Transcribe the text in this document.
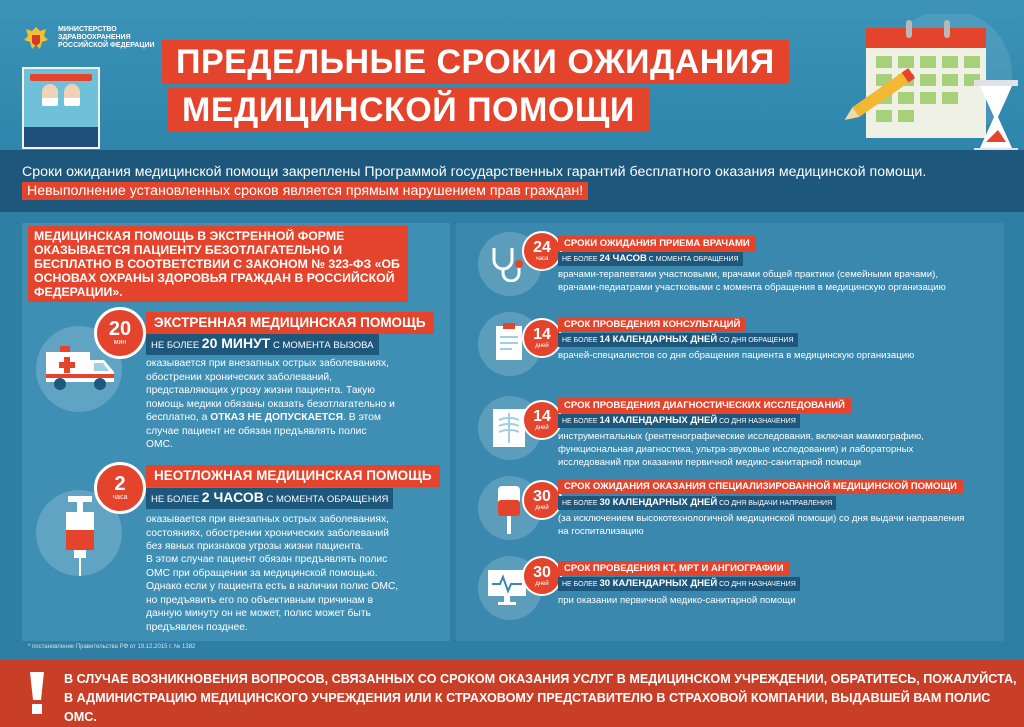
МИНИСТЕРСТВО
ЗДРАВООХРАНЕНИЯ
РОССИЙСКОЙ ФЕДЕРАЦИИ
ПРЕДЕЛЬНЫЕ СРОКИ ОЖИДАНИЯ
МЕДИЦИНСКОЙ ПОМОЩИ
Сроки ожидания медицинской помощи закреплены Программой государственных гарантий бесплатного оказания медицинской помощи.
Невыполнение установленных сроков является прямым нарушением прав граждан!
МЕДИЦИНСКАЯ ПОМОЩЬ В ЭКСТРЕННОЙ ФОРМЕ ОКАЗЫВАЕТСЯ ПАЦИЕНТУ БЕЗОТЛАГАТЕЛЬНО И БЕСПЛАТНО В СООТВЕТСТВИИ С ЗАКОНОМ № 323-ФЗ «ОБ ОСНОВАХ ОХРАНЫ ЗДОРОВЬЯ ГРАЖДАН В РОССИЙСКОЙ ФЕДЕРАЦИИ».
20
мин
ЭКСТРЕННАЯ МЕДИЦИНСКАЯ ПОМОЩЬ
НЕ БОЛЕЕ 20 МИНУТ С МОМЕНТА ВЫЗОВА
оказывается при внезапных острых заболеваниях, обострении хронических заболеваний, представляющих угрозу жизни пациента. Такую помощь медики обязаны оказать безотлагательно и бесплатно, а ОТКАЗ НЕ ДОПУСКАЕТСЯ. В этом случае пациент не обязан предъявлять полис ОМС.
2
часа
НЕОТЛОЖНАЯ МЕДИЦИНСКАЯ ПОМОЩЬ
НЕ БОЛЕЕ 2 ЧАСОВ С МОМЕНТА ОБРАЩЕНИЯ
оказывается при внезапных острых заболеваниях, состояниях, обострении хронических заболеваний без явных признаков угрозы жизни пациента.
В этом случае пациент обязан предъявлять полис ОМС при обращении за медицинской помощью. Однако если у пациента есть в наличии полис ОМС, но предъявить его по объективным причинам в данную минуту он не может, полис может быть предъявлен позднее.
24
часа
СРОКИ ОЖИДАНИЯ ПРИЕМА ВРАЧАМИ
НЕ БОЛЕЕ 24 ЧАСОВ С МОМЕНТА ОБРАЩЕНИЯ
врачами-терапевтами участковыми, врачами общей практики (семейными врачами), врачами-педиатрами участковыми с момента обращения в медицинскую организацию
14
дней
СРОК ПРОВЕДЕНИЯ КОНСУЛЬТАЦИЙ
НЕ БОЛЕЕ 14 КАЛЕНДАРНЫХ ДНЕЙ СО ДНЯ ОБРАЩЕНИЯ
врачей-специалистов со дня обращения пациента в медицинскую организацию
14
дней
СРОК ПРОВЕДЕНИЯ ДИАГНОСТИЧЕСКИХ ИССЛЕДОВАНИЙ
НЕ БОЛЕЕ 14 КАЛЕНДАРНЫХ ДНЕЙ СО ДНЯ НАЗНАЧЕНИЯ
инструментальных (рентгенографические исследования, включая маммографию, функциональная диагностика, ультра-звуковые исследования) и лабораторных исследований при оказании первичной медико-санитарной помощи
30
дней
СРОК ОЖИДАНИЯ ОКАЗАНИЯ СПЕЦИАЛИЗИРОВАННОЙ МЕДИЦИНСКОЙ ПОМОЩИ
НЕ БОЛЕЕ 30 КАЛЕНДАРНЫХ ДНЕЙ СО ДНЯ ВЫДАЧИ НАПРАВЛЕНИЯ
(за исключением высокотехнологичной медицинской помощи) со дня выдачи направления на госпитализацию
30
дней
СРОК ПРОВЕДЕНИЯ КТ, МРТ И АНГИОГРАФИИ
НЕ БОЛЕЕ 30 КАЛЕНДАРНЫХ ДНЕЙ СО ДНЯ НАЗНАЧЕНИЯ
при оказании первичной медико-санитарной помощи
* постановление Правительства РФ от 19.12.2015 г. № 1382
В СЛУЧАЕ ВОЗНИКНОВЕНИЯ ВОПРОСОВ, СВЯЗАННЫХ СО СРОКОМ ОКАЗАНИЯ УСЛУГ В МЕДИЦИНСКОМ УЧРЕЖДЕНИИ, ОБРАТИТЕСЬ, ПОЖАЛУЙСТА,
В АДМИНИСТРАЦИЮ МЕДИЦИНСКОГО УЧРЕЖДЕНИЯ ИЛИ К СТРАХОВОМУ ПРЕДСТАВИТЕЛЮ В СТРАХОВОЙ КОМПАНИИ, ВЫДАВШЕЙ ВАМ ПОЛИС ОМС.
